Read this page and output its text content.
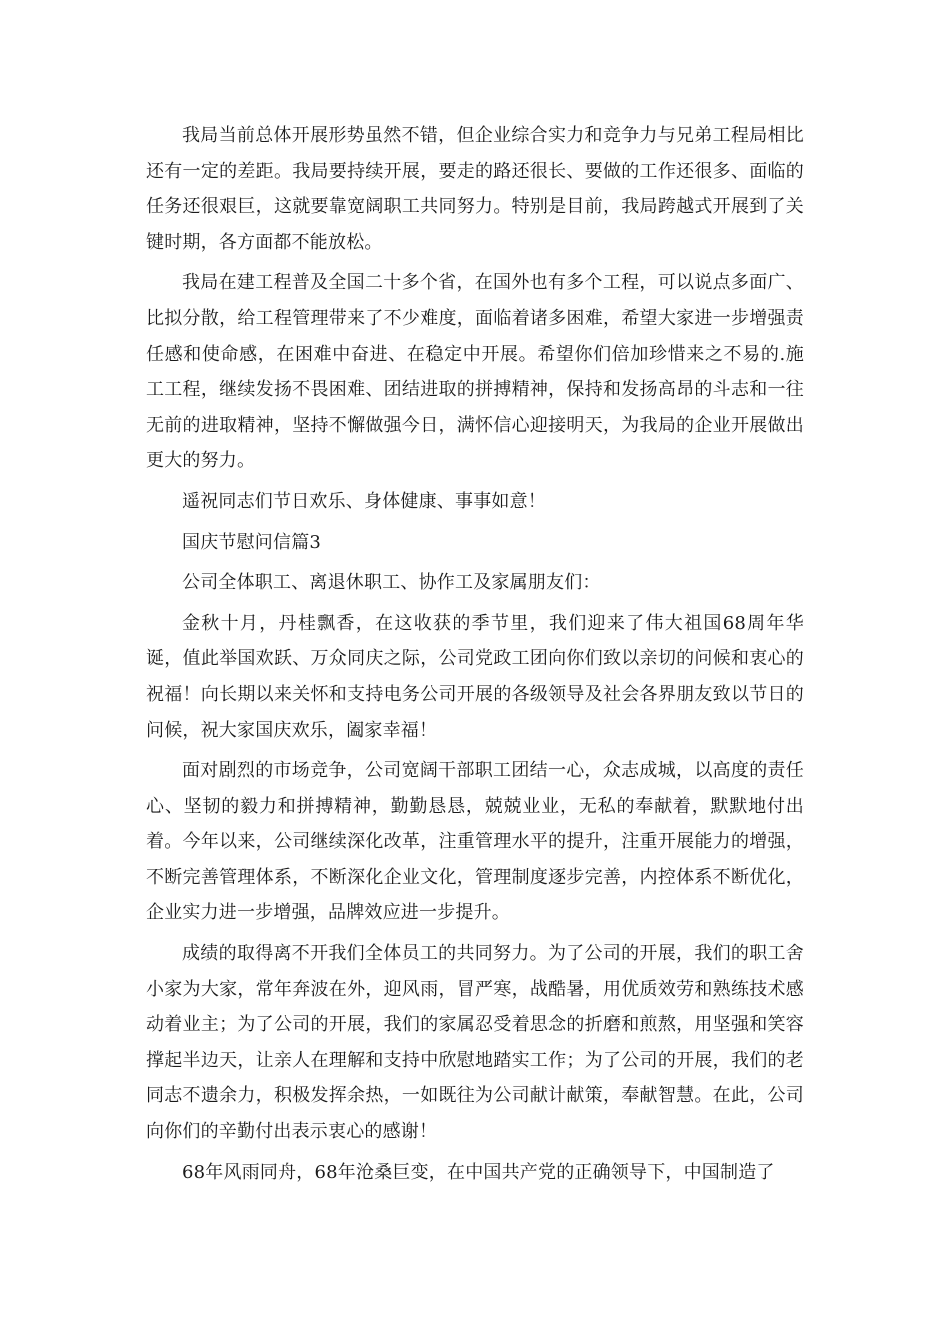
我局当前总体开展形势虽然不错，但企业综合实力和竞争力与兄弟工程局相比还有一定的差距。我局要持续开展，要走的路还很长、要做的工作还很多、面临的任务还很艰巨，这就要靠宽阔职工共同努力。特别是目前，我局跨越式开展到了关键时期，各方面都不能放松。

我局在建工程普及全国二十多个省，在国外也有多个工程，可以说点多面广、比拟分散，给工程管理带来了不少难度，面临着诸多困难，希望大家进一步增强责任感和使命感，在困难中奋进、在稳定中开展。希望你们倍加珍惜来之不易的.施工工程，继续发扬不畏困难、团结进取的拼搏精神，保持和发扬高昂的斗志和一往无前的进取精神，坚持不懈做强今日，满怀信心迎接明天，为我局的企业开展做出更大的努力。

遥祝同志们节日欢乐、身体健康、事事如意！

国庆节慰问信篇3

公司全体职工、离退休职工、协作工及家属朋友们：

金秋十月，丹桂飘香，在这收获的季节里，我们迎来了伟大祖国68周年华诞，值此举国欢跃、万众同庆之际，公司党政工团向你们致以亲切的问候和衷心的祝福！向长期以来关怀和支持电务公司开展的各级领导及社会各界朋友致以节日的问候，祝大家国庆欢乐，阖家幸福！

面对剧烈的市场竞争，公司宽阔干部职工团结一心，众志成城，以高度的责任心、坚韧的毅力和拼搏精神，勤勤恳恳，兢兢业业，无私的奉献着，默默地付出着。今年以来，公司继续深化改革，注重管理水平的提升，注重开展能力的增强，不断完善管理体系，不断深化企业文化，管理制度逐步完善，内控体系不断优化，企业实力进一步增强，品牌效应进一步提升。

成绩的取得离不开我们全体员工的共同努力。为了公司的开展，我们的职工舍小家为大家，常年奔波在外，迎风雨，冒严寒，战酷暑，用优质效劳和熟练技术感动着业主；为了公司的开展，我们的家属忍受着思念的折磨和煎熬，用坚强和笑容撑起半边天，让亲人在理解和支持中欣慰地踏实工作；为了公司的开展，我们的老同志不遗余力，积极发挥余热，一如既往为公司献计献策，奉献智慧。在此，公司向你们的辛勤付出表示衷心的感谢！

68年风雨同舟，68年沧桑巨变，在中国共产党的正确领导下，中国制造了
